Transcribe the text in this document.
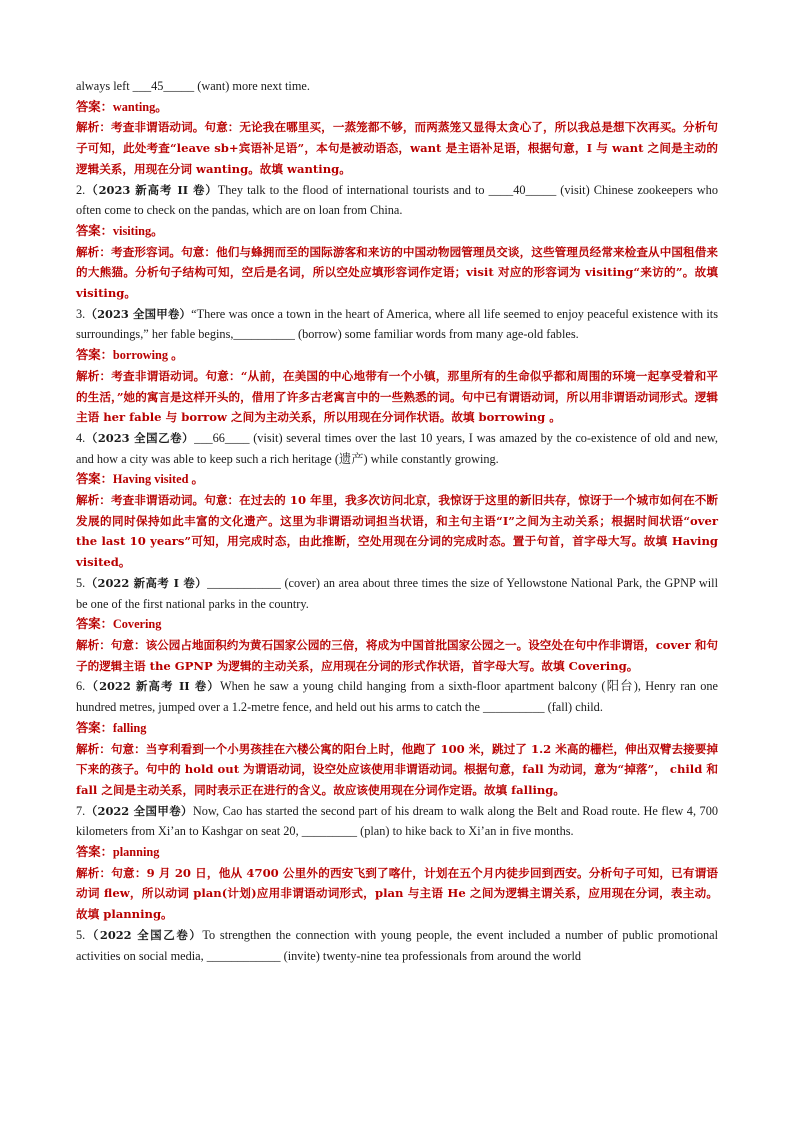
always left ___45_____ (want) more next time.

答案：wanting。

解析：考查非谓语动词。句意：无论我在哪里买，一蒸笼都不够，而两蒸笼又显得太贪心了，所以我总是想下次再买。分析句子可知，此处考查“leave sb+宾语补足语”，本句是被动语态，want 是主语补足语，根据句意，I 与 want 之间是主动的逻辑关系，用现在分词 wanting。故填 wanting。

2.（2023 新高考 II 卷）They talk to the flood of international tourists and to ____40_____ (visit) Chinese zookeepers who often come to check on the pandas, which are on loan from China.

答案：visiting。

解析：考查形容词。句意：他们与蜂拥而至的国际游客和来访的中国动物园管理员交谈，这些管理员经常来检查从中国租借来的大熊猫。分析句子结构可知，空后是名词，所以空处应填形容词作定语；visit 对应的形容词为 visiting“来访的”。故填 visiting。

3.（2023 全国甲卷）“There was once a town in the heart of America, where all life seemed to enjoy peaceful existence with its surroundings,” her fable begins,__________ (borrow) some familiar words from many age-old fables.

答案：borrowing 。

解析：考查非谓语动词。句意：“从前，在美国的中心地带有一个小镇，那里所有的生命似乎都和周围的环境一起享受着和平的生活，”她的寓言是这样开头的，借用了许多古老寓言中的一些熟悉的词。句中已有谓语动词，所以用非谓语动词形式。逻辑主语 her fable 与 borrow 之间为主动关系，所以用现在分词作状语。故填 borrowing 。

4.（2023 全国乙卷）___66____ (visit) several times over the last 10 years, I was amazed by the co-existence of old and new, and how a city was able to keep such a rich heritage (遗产) while constantly growing.

答案：Having visited 。

解析：考查非谓语动词。句意：在过去的 10 年里，我多次访问北京，我惊讶于这里的新旧共存，惊讶于一个城市如何在不断发展的同时保持如此丰富的文化遗产。这里为非谓语动词担当状语，和主句主语“I”之间为主动关系；根据时间状语“over the last 10 years”可知，用完成时态，由此推断，空处用现在分词的完成时态。置于句首，首字母大写。故填 Having visited。

5.（2022 新高考 I 卷）____________ (cover) an area about three times the size of Yellowstone National Park, the GPNP will be one of the first national parks in the country.

答案：Covering

解析：句意：该公园占地面积约为黄石国家公园的三倍，将成为中国首批国家公园之一。设空处在句中作非谓语，cover 和句子的逻辑主语 the GPNP 为逻辑的主动关系，应用现在分词的形式作状语，首字母大写。故填 Covering。

6.（2022 新高考 II 卷）When he saw a young child hanging from a sixth-floor apartment balcony (阳台), Henry ran one hundred metres, jumped over a 1.2-metre fence, and held out his arms to catch the __________ (fall) child.

答案：falling

解析：句意：当亨利看到一个小男孩挂在六楼公寓的阳台上时，他跑了 100 米，跳过了 1.2 米高的栅栏，伸出双臂去接要掉下来的孩子。句中的 hold out 为谓语动词，设空处应该使用非谓语动词。根据句意，fall 为动词，意为“掉落”， child 和 fall 之间是主动关系，同时表示正在进行的含义。故应该使用现在分词作定语。故填 falling。

7.（2022 全国甲卷）Now, Cao has started the second part of his dream to walk along the Belt and Road route. He flew 4, 700 kilometers from Xi’an to Kashgar on seat 20, _________ (plan) to hike back to Xi’an in five months.

答案：planning

解析：句意：9 月 20 日，他从 4700 公里外的西安飞到了喀什，计划在五个月内徒步回到西安。分析句子可知，已有谓语动词 flew，所以动词 plan(计划)应用非谓语动词形式，plan 与主语 He 之间为逻辑主谓关系，应用现在分词，表主动。故填 planning。

5.（2022 全国乙卷）To strengthen the connection with young people, the event included a number of public promotional activities on social media, ____________ (invite) twenty-nine tea professionals from around the world
